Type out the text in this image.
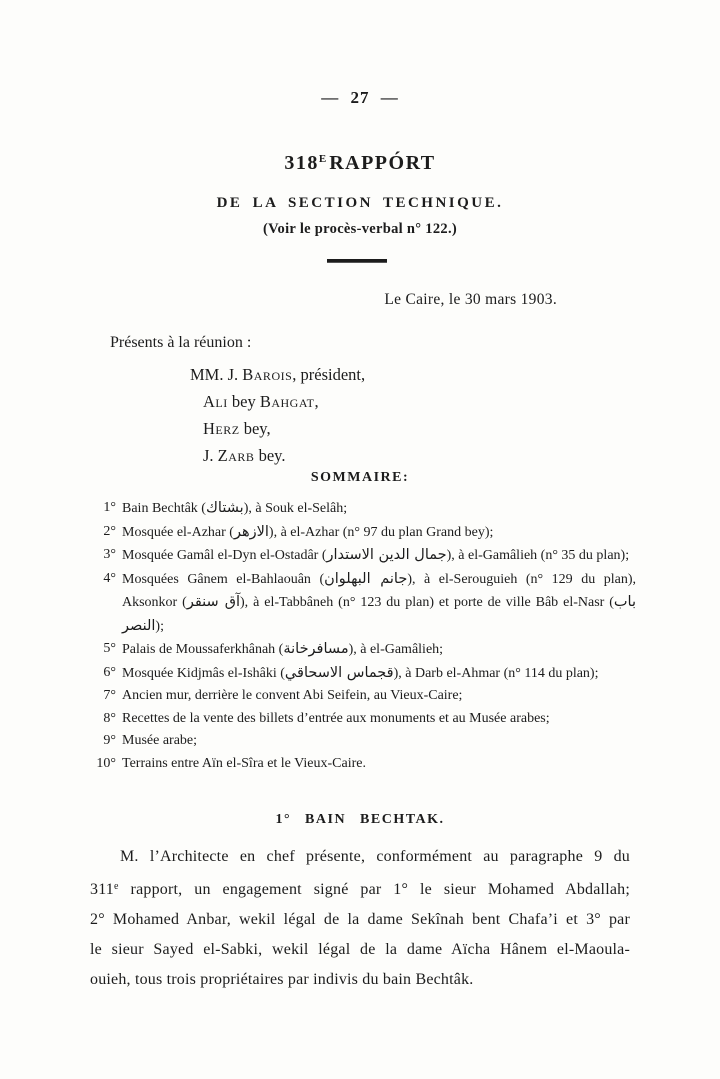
— 27 —
$318^E$ RAPPÓRT
DE LA SECTION TECHNIQUE.
(Voir le procès-verbal n° 122.)
Le Caire, le 30 mars 1903.
Présents à la réunion :
MM. J. Barois, président,
Ali bey Bahgat,
Herz bey,
J. Zarb bey.
SOMMAIRE:
1° Bain Bechtâk (بشتاك), à Souk el-Selâh;
2° Mosquée el-Azhar (الازهر), à el-Azhar (n° 97 du plan Grand bey);
3° Mosquée Gamâl el-Dyn el-Ostadâr (جمال الدين الاستدار), à el-Gamâlieh (n° 35 du plan);
4° Mosquées Gânem el-Bahlaouân (جانم البهلوان), à el-Serouguieh (n° 129 du plan), Aksonkor (آق سنقر), à el-Tabbâneh (n° 123 du plan) et porte de ville Bâb el-Nasr (باب النصر);
5° Palais de Moussaferkhânah (مسافرخانة), à el-Gamâlieh;
6° Mosquée Kidjmâs el-Ishâki (قجماس الاسحاقي), à Darb el-Ahmar (n° 114 du plan);
7° Ancien mur, derrière le convent Abi Seifein, au Vieux-Caire;
8° Recettes de la vente des billets d’entrée aux monuments et au Musée arabes;
9° Musée arabe;
10° Terrains entre Aïn el-Sîra et le Vieux-Caire.
1° BAIN BECHTAK.
M. l’Architecte en chef présente, conformément au paragraphe 9 du
311e rapport, un engagement signé par 1° le sieur Mohamed Abdallah;
2° Mohamed Anbar, wekil légal de la dame Sekînah bent Chafa’i et 3° par
le sieur Sayed el-Sabki, wekil légal de la dame Aïcha Hânem el-Maoula-
ouieh, tous trois propriétaires par indivis du bain Bechtâk.
